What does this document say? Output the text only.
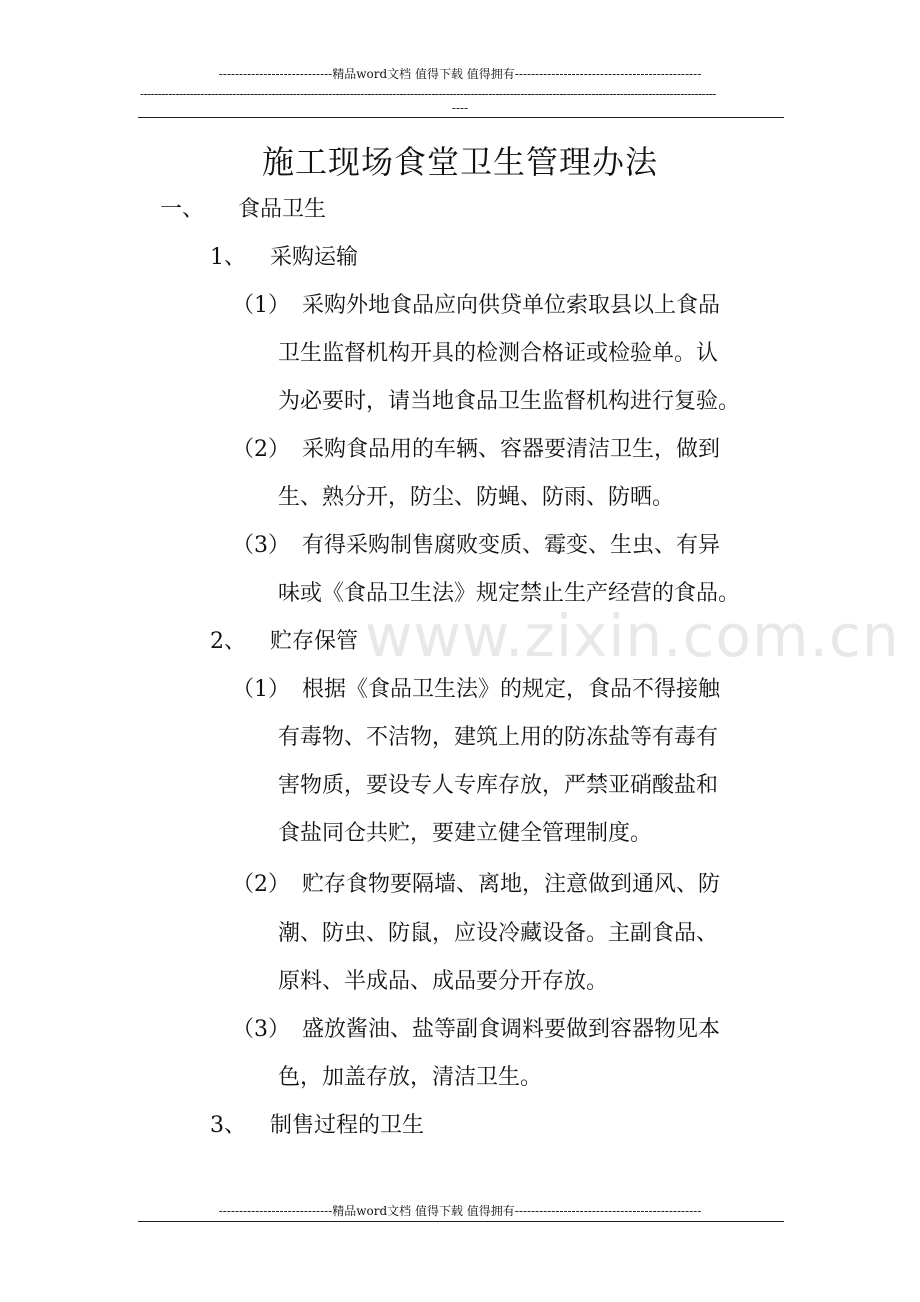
----------------------------精品word文档 值得下载 值得拥有----------------------------------------------
------------------------------------------------------------------------------------------------------------------------------------------------------------------
----
www.zixin.com.cn
施工现场食堂卫生管理办法
一、 食品卫生
1、 采购运输
（1） 采购外地食品应向供贷单位索取县以上食品
卫生监督机构开具的检测合格证或检验单。认
为必要时，请当地食品卫生监督机构进行复验。
（2） 采购食品用的车辆、容器要清洁卫生，做到
生、熟分开，防尘、防蝇、防雨、防晒。
（3） 有得采购制售腐败变质、霉变、生虫、有异
味或《食品卫生法》规定禁止生产经营的食品。
2、 贮存保管
（1） 根据《食品卫生法》的规定，食品不得接触
有毒物、不洁物，建筑上用的防冻盐等有毒有
害物质，要设专人专库存放，严禁亚硝酸盐和
食盐同仓共贮，要建立健全管理制度。
（2） 贮存食物要隔墙、离地，注意做到通风、防
潮、防虫、防鼠，应设冷藏设备。主副食品、
原料、半成品、成品要分开存放。
（3） 盛放酱油、盐等副食调料要做到容器物见本
色，加盖存放，清洁卫生。
3、 制售过程的卫生
----------------------------精品word文档 值得下载 值得拥有----------------------------------------------
